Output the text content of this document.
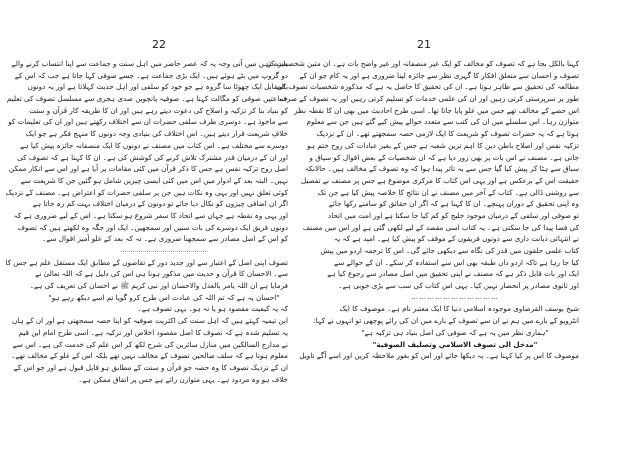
22
میرے ذہن میں آتی وجہ یہ کہ عصر حاضر میں اہل سنت و جماعت سے اپنا انتساب کرنے والے
دو گروپ میں بٹے ہوئے ہیں۔ ایک بڑی جماعت ہے۔ جسے صوفی کہا جاتا ہے جب کہ اس کے
بالمقابل ایک چھوٹا سا گروہ ہے جو خود کو سلفی اور اہل حدیث کہلاتا ہے اور یہ دونوں
جماعتیں صوفی کو مگالت کہتا ہے۔ صوفیہ پانچویں صدی ہجری سے مسلسل تصوف کی تعلیم
کو بنیاد بنا کر تزکیہ و اصلاح کی دعوت دیتے رہے ہیں اور ان کا طریقہ کار قرآن و سنت
سے ماخوذ ہے۔ دوسری طرف سلفی حضرات ان سے اختلاف رکھتے ہیں اور ان کی تعلیمات کو
خلافِ شریعت قرار دیتے ہیں۔ اس اختلاف کی بنیادی وجہ دونوں کا منہج فکر ہے جو ایک
دوسرے سے مختلف ہے۔ اس کتاب میں مصنف نے دونوں کا ایک منصفانہ جائزہ پیش کیا ہے
اور ان کے درمیان قدر مشترک تلاش کرنے کی کوشش کی ہے۔ ان کا کہنا ہے کہ تصوف کی
اصل روح تزکیہ نفس ہے جس کا ذکر قرآن میں کئی مقامات پر آیا ہے اور اس سے انکار ممکن
نہیں۔ البتہ بعد کے ادوار میں اس میں کئی ایسی چیزیں شامل ہو گئیں جن کا شریعت سے
کوئی تعلق نہیں اور یہی وہ نکات ہیں جن پر سلفی حضرات کو اعتراض ہے۔ مصنف کے نزدیک
اگر ان اضافی چیزوں کو نکال دیا جائے تو دونوں کے درمیان اختلاف بہت کم رہ جاتا ہے
اور یہی وہ نقطہ ہے جہاں سے اتحاد کا سفر شروع ہو سکتا ہے۔ اس کے لیے ضروری ہے کہ
دونوں فریق ایک دوسرے کی بات سنیں اور سمجھیں۔ ایک اور جگہ وہ لکھتے ہیں کہ تصوف
کو اس کے اصل مصادر سے سمجھنا ضروری ہے۔ نہ کہ بعد کے غلو آمیز اقوال سے۔
……………………………
تصوف اپنی اصل کے اعتبار سے اور جدید دور کے تقاضوں کے مطابق ایک مستقل علم ہے جس کا
سے۔ الاحسان کا قرآن و حدیث میں مذکور ہونا ہی اس کی دلیل ہے کہ اللہ تعالیٰ نے
فرمایا ہے ان اللہ یامر بالعدل والاحسان اور نبی کریم ﷺ نے احسان کی تعریف کی ہے۔
"احسان یہ ہے کہ تم اللہ کی عبادت اس طرح کرو گویا تم اسے دیکھ رہے ہو"
کہ یہ کیفیت مقصود ہو یا نہ ہو۔ یہی تصوف ہے۔
ابن تیمیہ کہتے ہیں کہ اہل سنت کی اکثریت صوفیہ کو اپنا حصہ سمجھتی ہے اور ان کے ہاں
یہ تسلیم شدہ ہے کہ تصوف کا اصل مقصود اخلاص اور تزکیہ ہے۔ اسی طرح امام ابن قیم
نے مدارج السالکین میں منازل سائرین کی شرح لکھ کر اس علم کی خدمت کی ہے۔ اس سے
معلوم ہوتا ہے کہ سلف صالحین تصوف کے مخالف نہیں تھے بلکہ اس کے غلو کے مخالف تھے۔
ان کے نزدیک تصوف کا وہ حصہ جو قرآن و سنت کے مطابق ہو قابل قبول ہے اور جو اس کے
خلاف ہو وہ مردود ہے۔ یہی متوازن رائے ہے جس پر اتفاق ممکن ہے۔
21
کہنا بالکل بجا ہے کہ تصوف کو مخالف کو ایک غیر منصفانہ اور غیر واضح بات ہے۔ ان متین شخصیات کے
تصوف و احسان سے متعلق افکار کا گہری نظر سے جائزہ لینا ضروری ہے اور یہ کام جو ان کے
مطالعہ کی تحقیق سے ظاہر ہوتا ہے۔ ان کی تحقیق کا حاصل یہ ہے کہ مذکورہ شخصیات تصوف کی
طور پر سرپرستی کرتی رہیں اور ان کی علمی خدمات کو تسلیم کرتی رہیں اور یہ تصوف کے صرف
اس حصے کے مخالف تھے جس میں غلو پایا جاتا تھا۔ اسی طرح احادیث میں بھی ان کا نقطہ نظر
متوازن رہا۔ اس سلسلے میں ان کی کتب سے متعدد حوالے پیش کیے گئے ہیں جن سے معلوم
ہوتا ہے کہ یہ حضرات تصوف کو شریعت کا ایک لازمی حصہ سمجھتے تھے۔ ان کے نزدیک
تزکیہ نفس اور اصلاح باطن دین کا اہم ترین شعبہ ہے جس کے بغیر عبادات کی روح ختم ہو
جاتی ہے۔ مصنف نے اس بات پر بھی زور دیا ہے کہ ان شخصیات کے بعض اقوال کو سیاق و
سباق سے ہٹا کر پیش کیا گیا جس سے یہ تاثر پیدا ہوا کہ وہ تصوف کے مخالف ہیں۔ حالانکہ
حقیقت اس کے برعکس ہے اور یہی اس کتاب کا مرکزی موضوع ہے جس پر مصنف نے تفصیل
سے روشنی ڈالی ہے۔ کتاب کے آخر میں مصنف نے ان نتائج کا خلاصہ پیش کیا ہے جن تک
وہ اپنی تحقیق کے دوران پہنچے۔ ان کا کہنا ہے کہ اگر ان حقائق کو سامنے رکھا جائے
تو صوفی اور سلفی کے درمیان موجود خلیج کو کم کیا جا سکتا ہے اور امت میں اتحاد
کی فضا پیدا کی جا سکتی ہے۔ یہ کتاب اسی مقصد کے لیے لکھی گئی ہے اور اس میں مصنف
نے انتہائی دیانت داری سے دونوں فریقوں کے موقف کو پیش کیا ہے۔ امید ہے کہ یہ
کتاب علمی حلقوں میں قدر کی نگاہ سے دیکھی جائے گی۔ اس کا ترجمہ اردو میں پیش
کیا جا رہا ہے تاکہ اردو داں طبقہ بھی اس سے استفادہ کر سکے۔ ان کے حوالے سے
ایک اور بات قابل ذکر ہے کہ مصنف نے اپنی تحقیق میں اصل مصادر سے رجوع کیا ہے
اور ثانوی مصادر پر انحصار نہیں کیا۔ یہی اس کتاب کی سب سے بڑی خوبی ہے۔
……………………………
شیخ یوسف القرضاوی موجودہ اسلامی دنیا کا ایک معتبر نام ہے۔ موصوف کا ایک
انٹرویو کے بارے میں ہم نے ان سے تصوف کے بارے میں ان کی رائے پوچھی تو انہوں نے کہا:
"ہماری نظر میں یہ ہے کہ صوفی کی اصل بنیاد ہی تزکیہ ہے"
"مدخل الى تصوف الاسلامي وتصليف الصوفية"
موصوف کا اس پر کیا کہنا ہے۔ یہ دیکھا جائے اور اس کو بغور ملاحظہ کریں اور اسے آگے تاویل
